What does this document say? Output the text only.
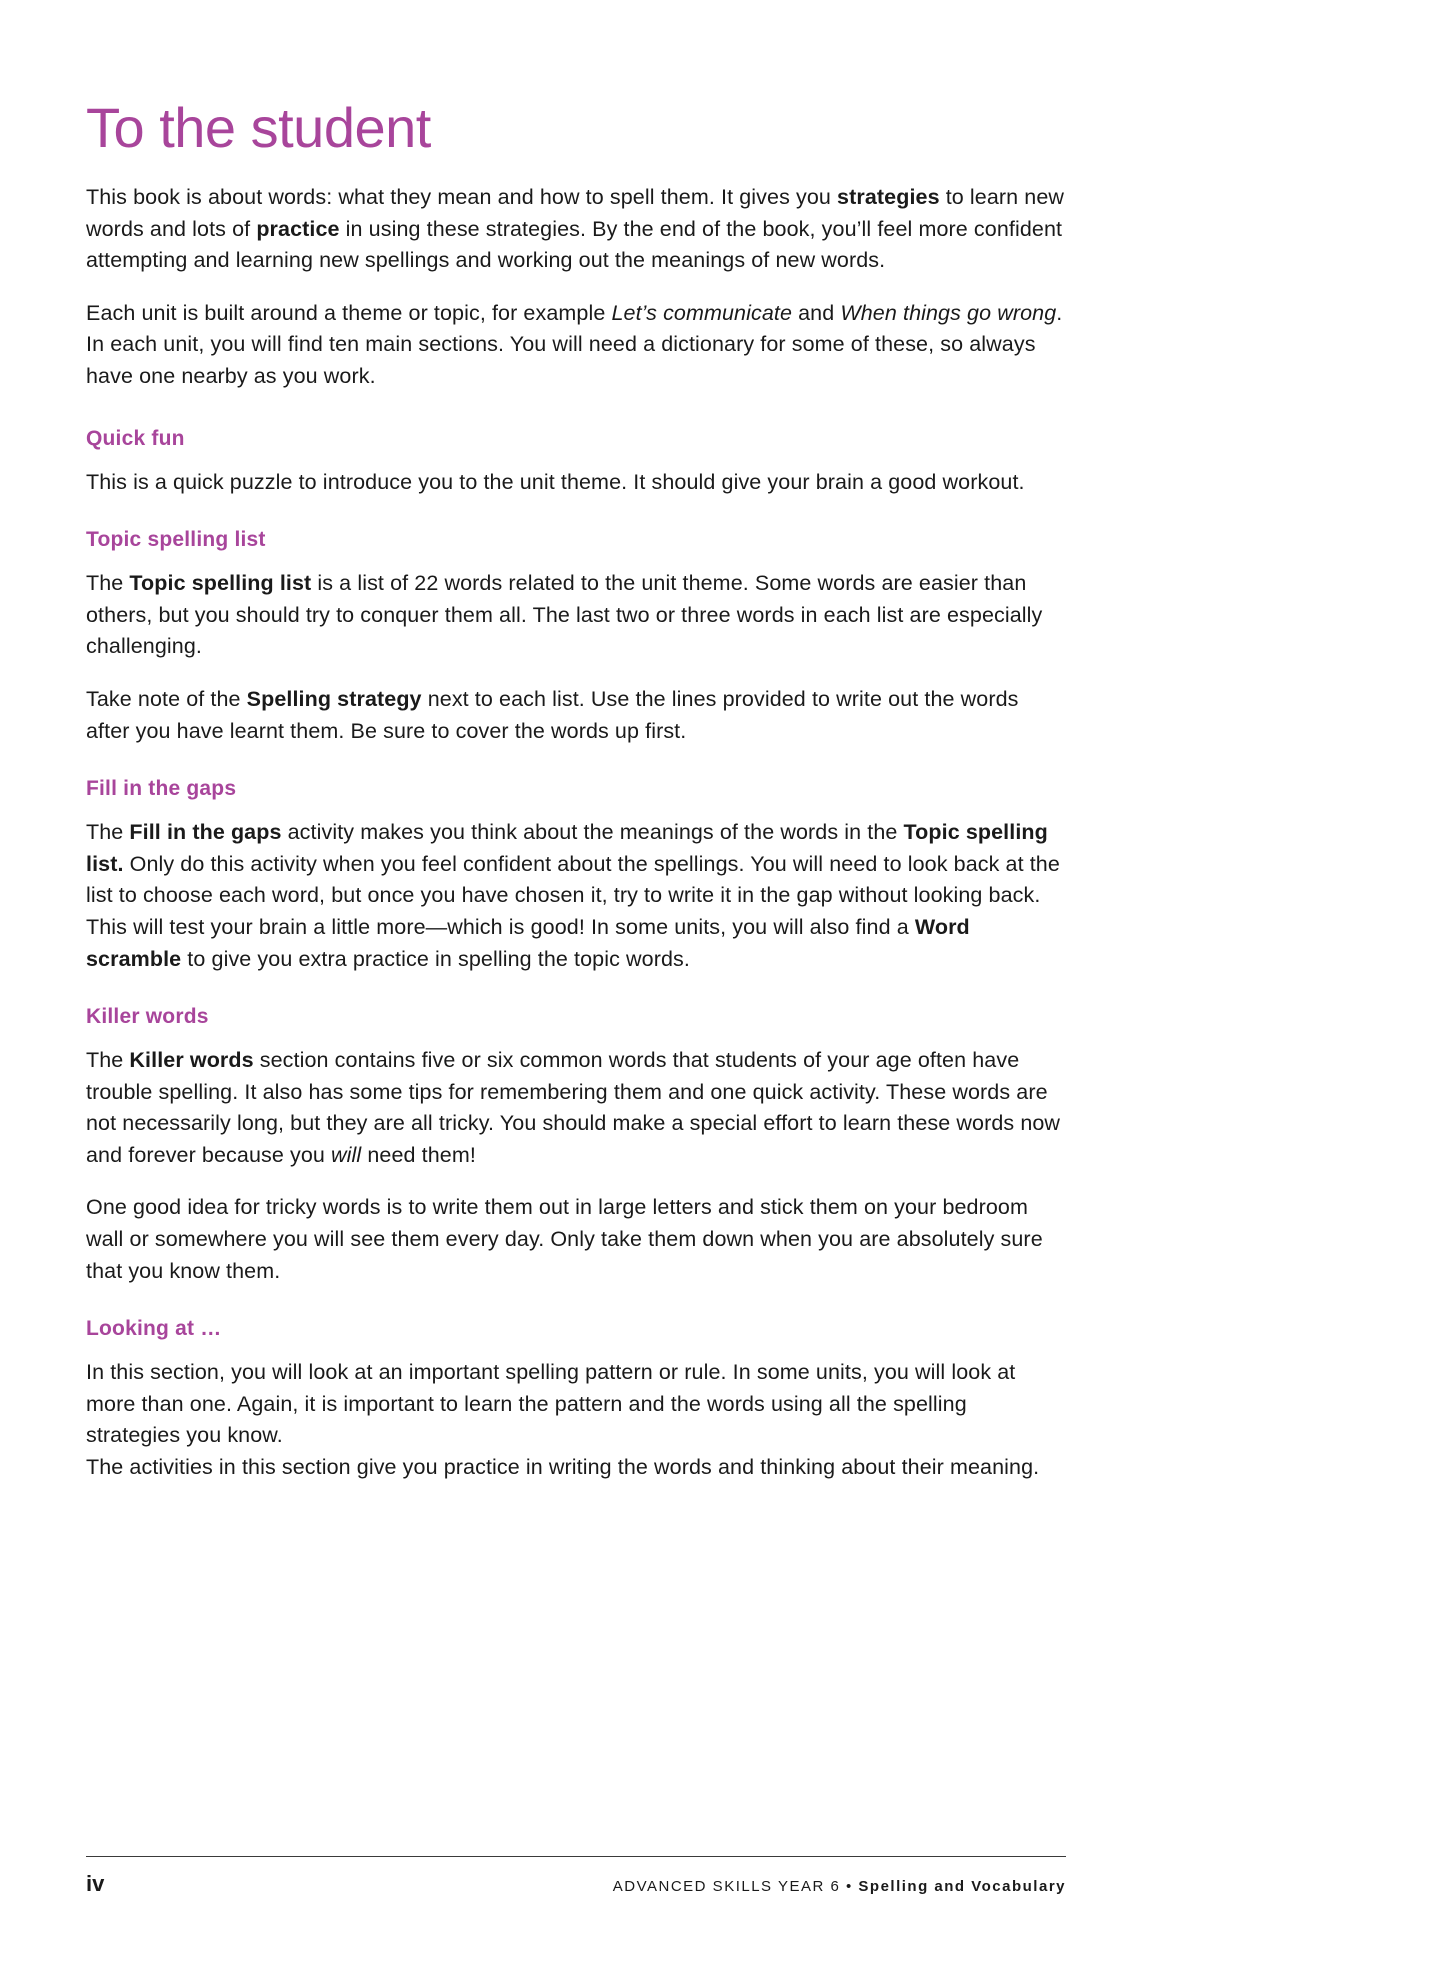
To the student

This book is about words: what they mean and how to spell them. It gives you strategies to learn new words and lots of practice in using these strategies. By the end of the book, you’ll feel more confident attempting and learning new spellings and working out the meanings of new words.

Each unit is built around a theme or topic, for example Let’s communicate and When things go wrong. In each unit, you will find ten main sections. You will need a dictionary for some of these, so always have one nearby as you work.

Quick fun

This is a quick puzzle to introduce you to the unit theme. It should give your brain a good workout.

Topic spelling list

The Topic spelling list is a list of 22 words related to the unit theme. Some words are easier than others, but you should try to conquer them all. The last two or three words in each list are especially challenging.

Take note of the Spelling strategy next to each list. Use the lines provided to write out the words after you have learnt them. Be sure to cover the words up first.

Fill in the gaps

The Fill in the gaps activity makes you think about the meanings of the words in the Topic spelling list. Only do this activity when you feel confident about the spellings. You will need to look back at the list to choose each word, but once you have chosen it, try to write it in the gap without looking back. This will test your brain a little more—which is good! In some units, you will also find a Word scramble to give you extra practice in spelling the topic words.

Killer words

The Killer words section contains five or six common words that students of your age often have trouble spelling. It also has some tips for remembering them and one quick activity. These words are not necessarily long, but they are all tricky. You should make a special effort to learn these words now and forever because you will need them!

One good idea for tricky words is to write them out in large letters and stick them on your bedroom wall or somewhere you will see them every day. Only take them down when you are absolutely sure that you know them.

Looking at …

In this section, you will look at an important spelling pattern or rule. In some units, you will look at more than one. Again, it is important to learn the pattern and the words using all the spelling strategies you know.

The activities in this section give you practice in writing the words and thinking about their meaning.

iv	ADVANCED SKILLS YEAR 6 • Spelling and Vocabulary
